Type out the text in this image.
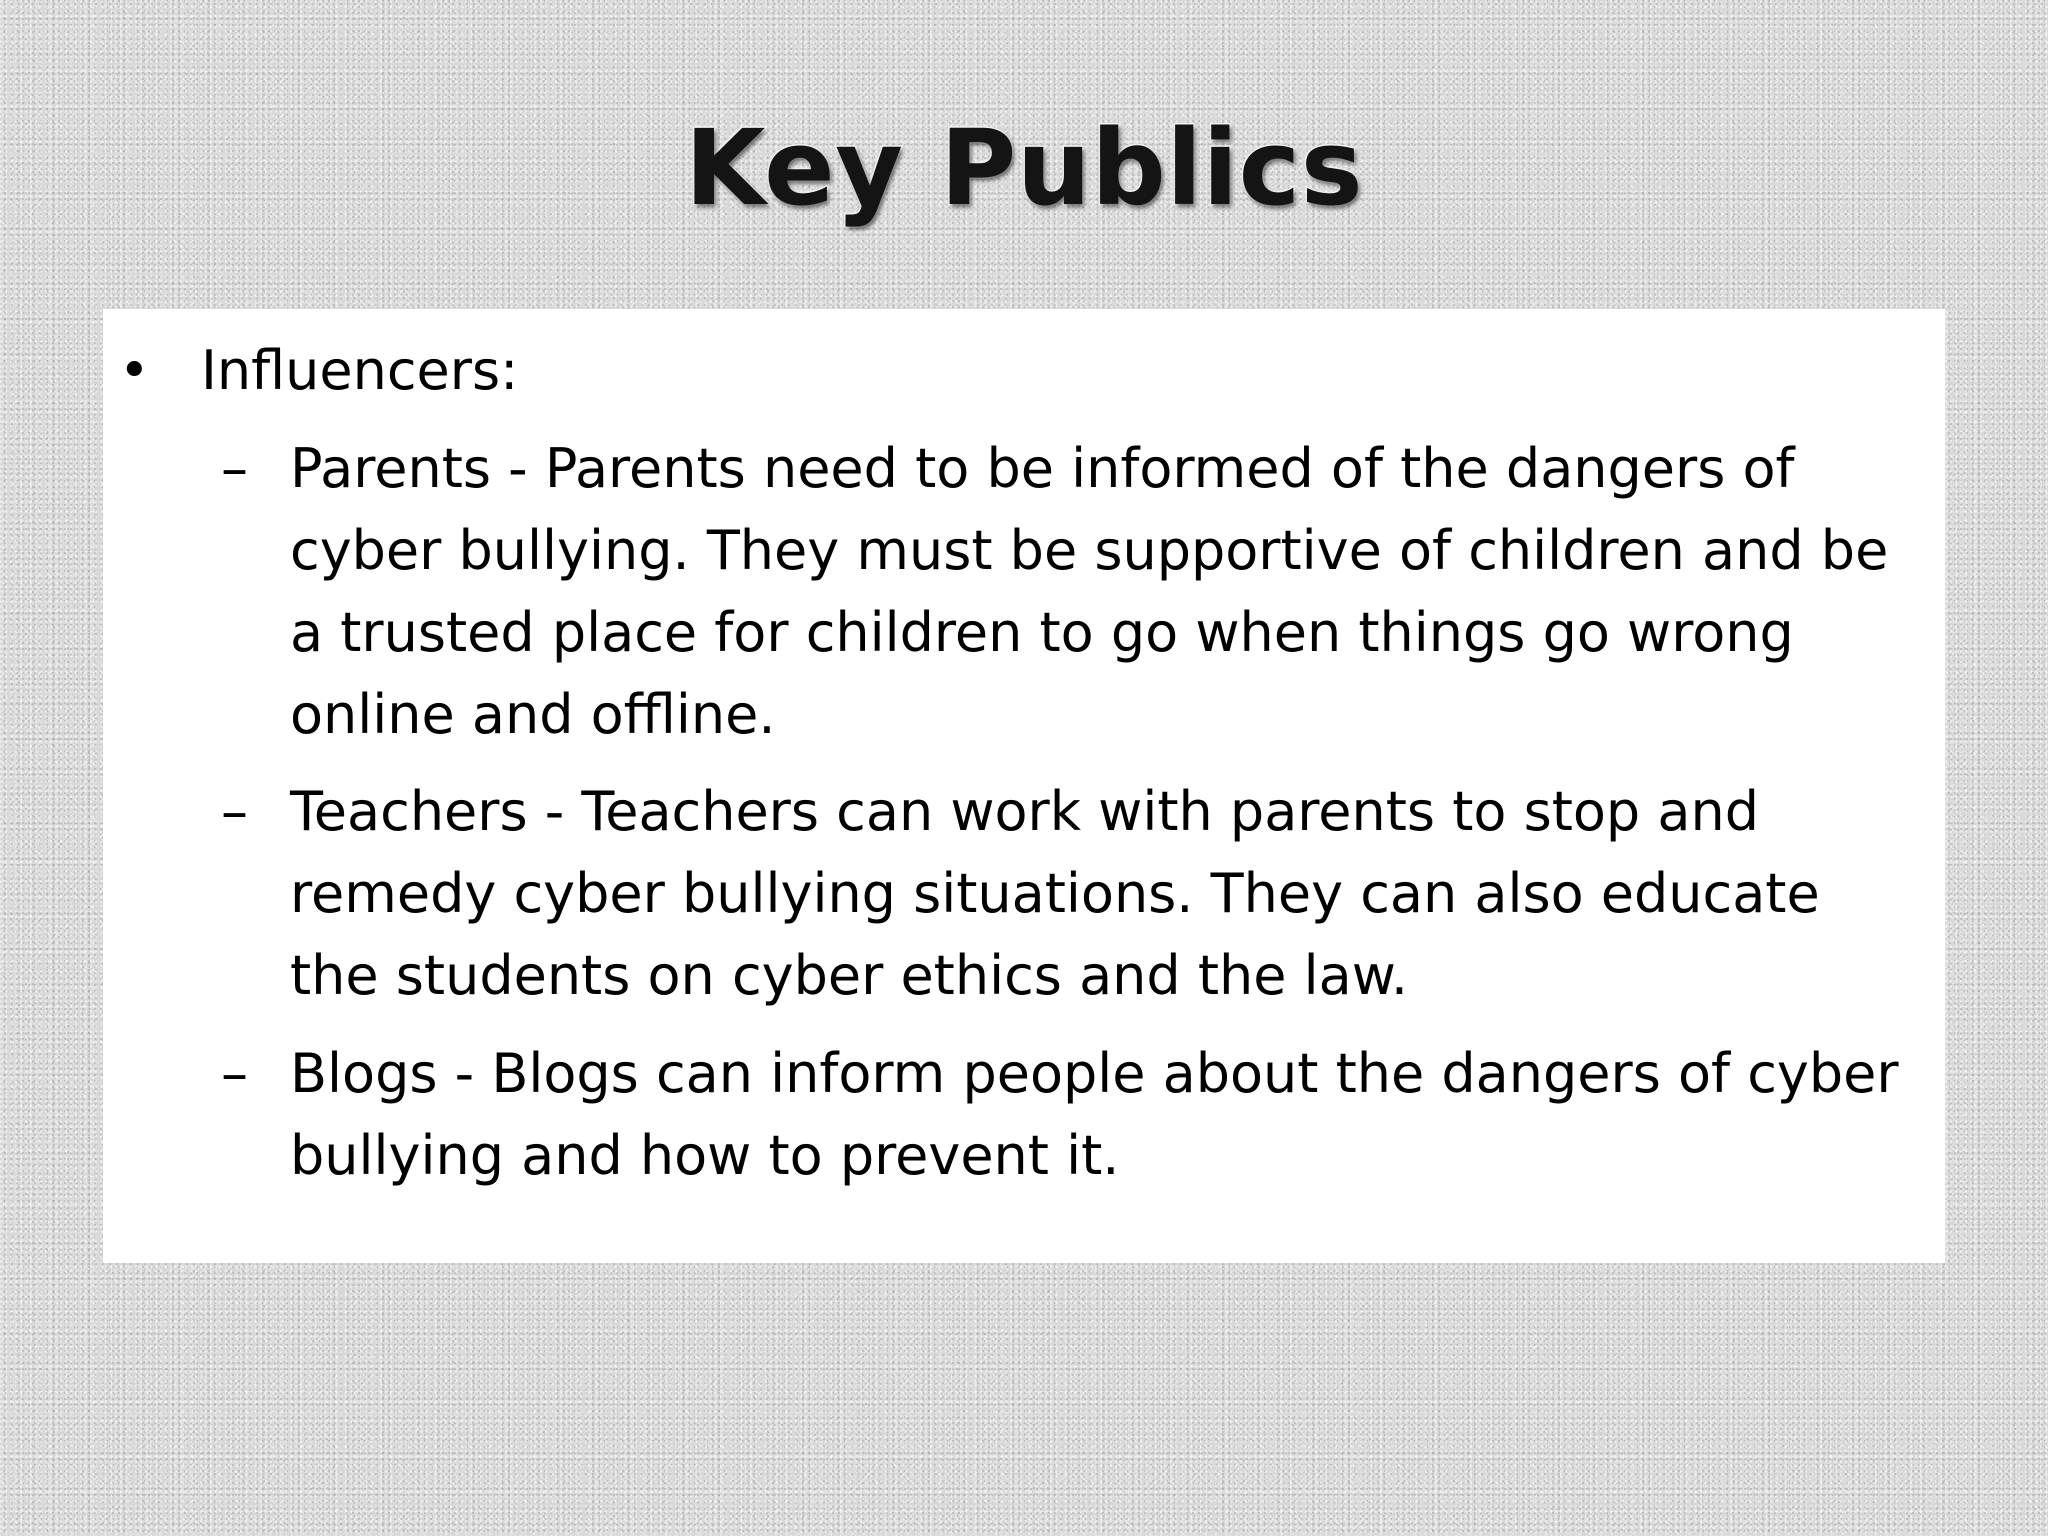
Key Publics
• Influencers:
– Parents - Parents need to be informed of the dangers of cyber bullying. They must be supportive of children and be a trusted place for children to go when things go wrong online and offline.
– Teachers - Teachers can work with parents to stop and remedy cyber bullying situations. They can also educate the students on cyber ethics and the law.
– Blogs - Blogs can inform people about the dangers of cyber bullying and how to prevent it.
